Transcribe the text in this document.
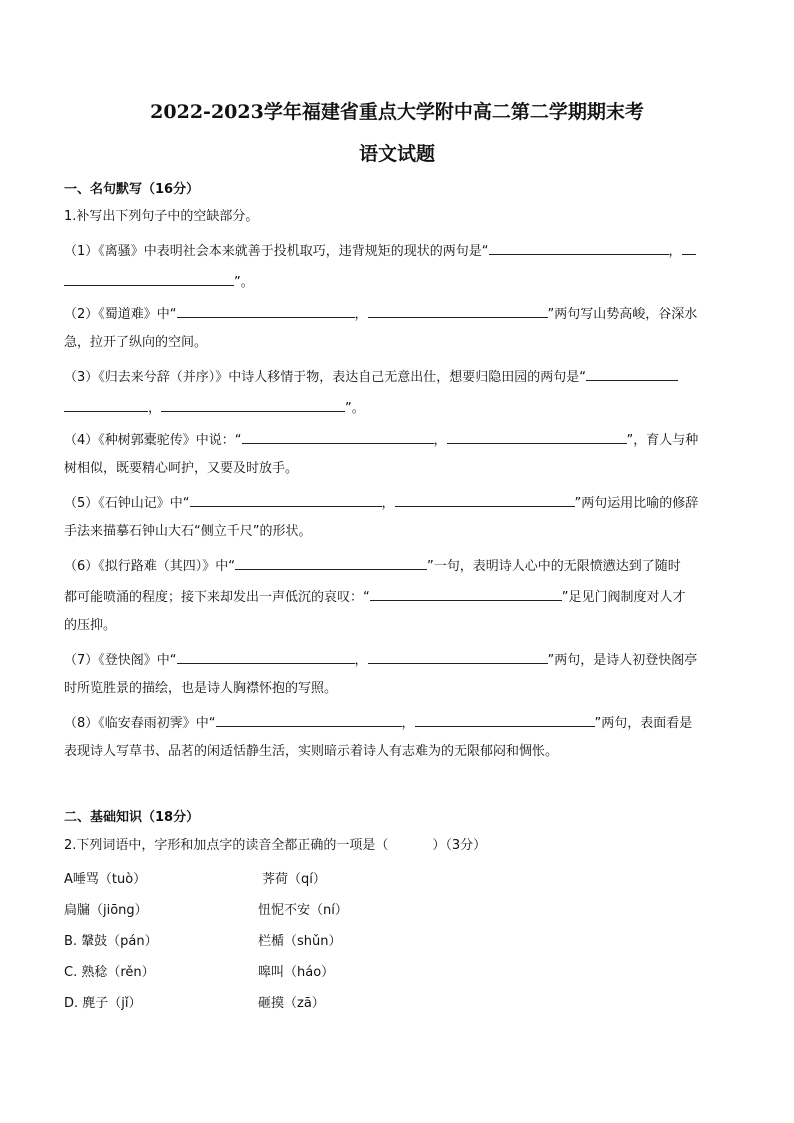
2022-2023学年福建省重点大学附中高二第二学期期末考
语文试题
一、名句默写（16分）
1.补写出下列句子中的空缺部分。
（1）《离骚》中表明社会本来就善于投机取巧，违背规矩的现状的两句是“	，
”。
（2）《蜀道难》中“	，	”两句写山势高峻，谷深水
急，拉开了纵向的空间。
（3）《归去来兮辞（并序）》中诗人移情于物，表达自己无意出仕，想要归隐田园的两句是“
，	”。
（4）《种树郭橐驼传》中说：“	，	”，育人与种
树相似，既要精心呵护，又要及时放手。
（5）《石钟山记》中“	，	”两句运用比喻的修辞
手法来描摹石钟山大石“侧立千尺”的形状。
（6）《拟行路难（其四）》中“	”一句，表明诗人心中的无限愤懑达到了随时
都可能喷涌的程度；接下来却发出一声低沉的哀叹：“	”足见门阀制度对人才
的压抑。
（7）《登快阁》中“	，	”两句，是诗人初登快阁亭
时所览胜景的描绘，也是诗人胸襟怀抱的写照。
（8）《临安春雨初霁》中“	，	”两句，表面看是
表现诗人写草书、品茗的闲适恬静生活，实则暗示着诗人有志难为的无限郁闷和惆怅。
二、基础知识（18分）
2.下列词语中，字形和加点字的读音全都正确的一项是（	）（3分）
A唾骂（tuò）	荠荷（qí）
扃牖（jiōng）	忸怩不安（ní）
B. 鞶鼓（pán）	栏楯（shǔn）
C. 熟稔（rěn）	嗥叫（háo）
D. 麂子（jǐ）	砸摸（zā）
